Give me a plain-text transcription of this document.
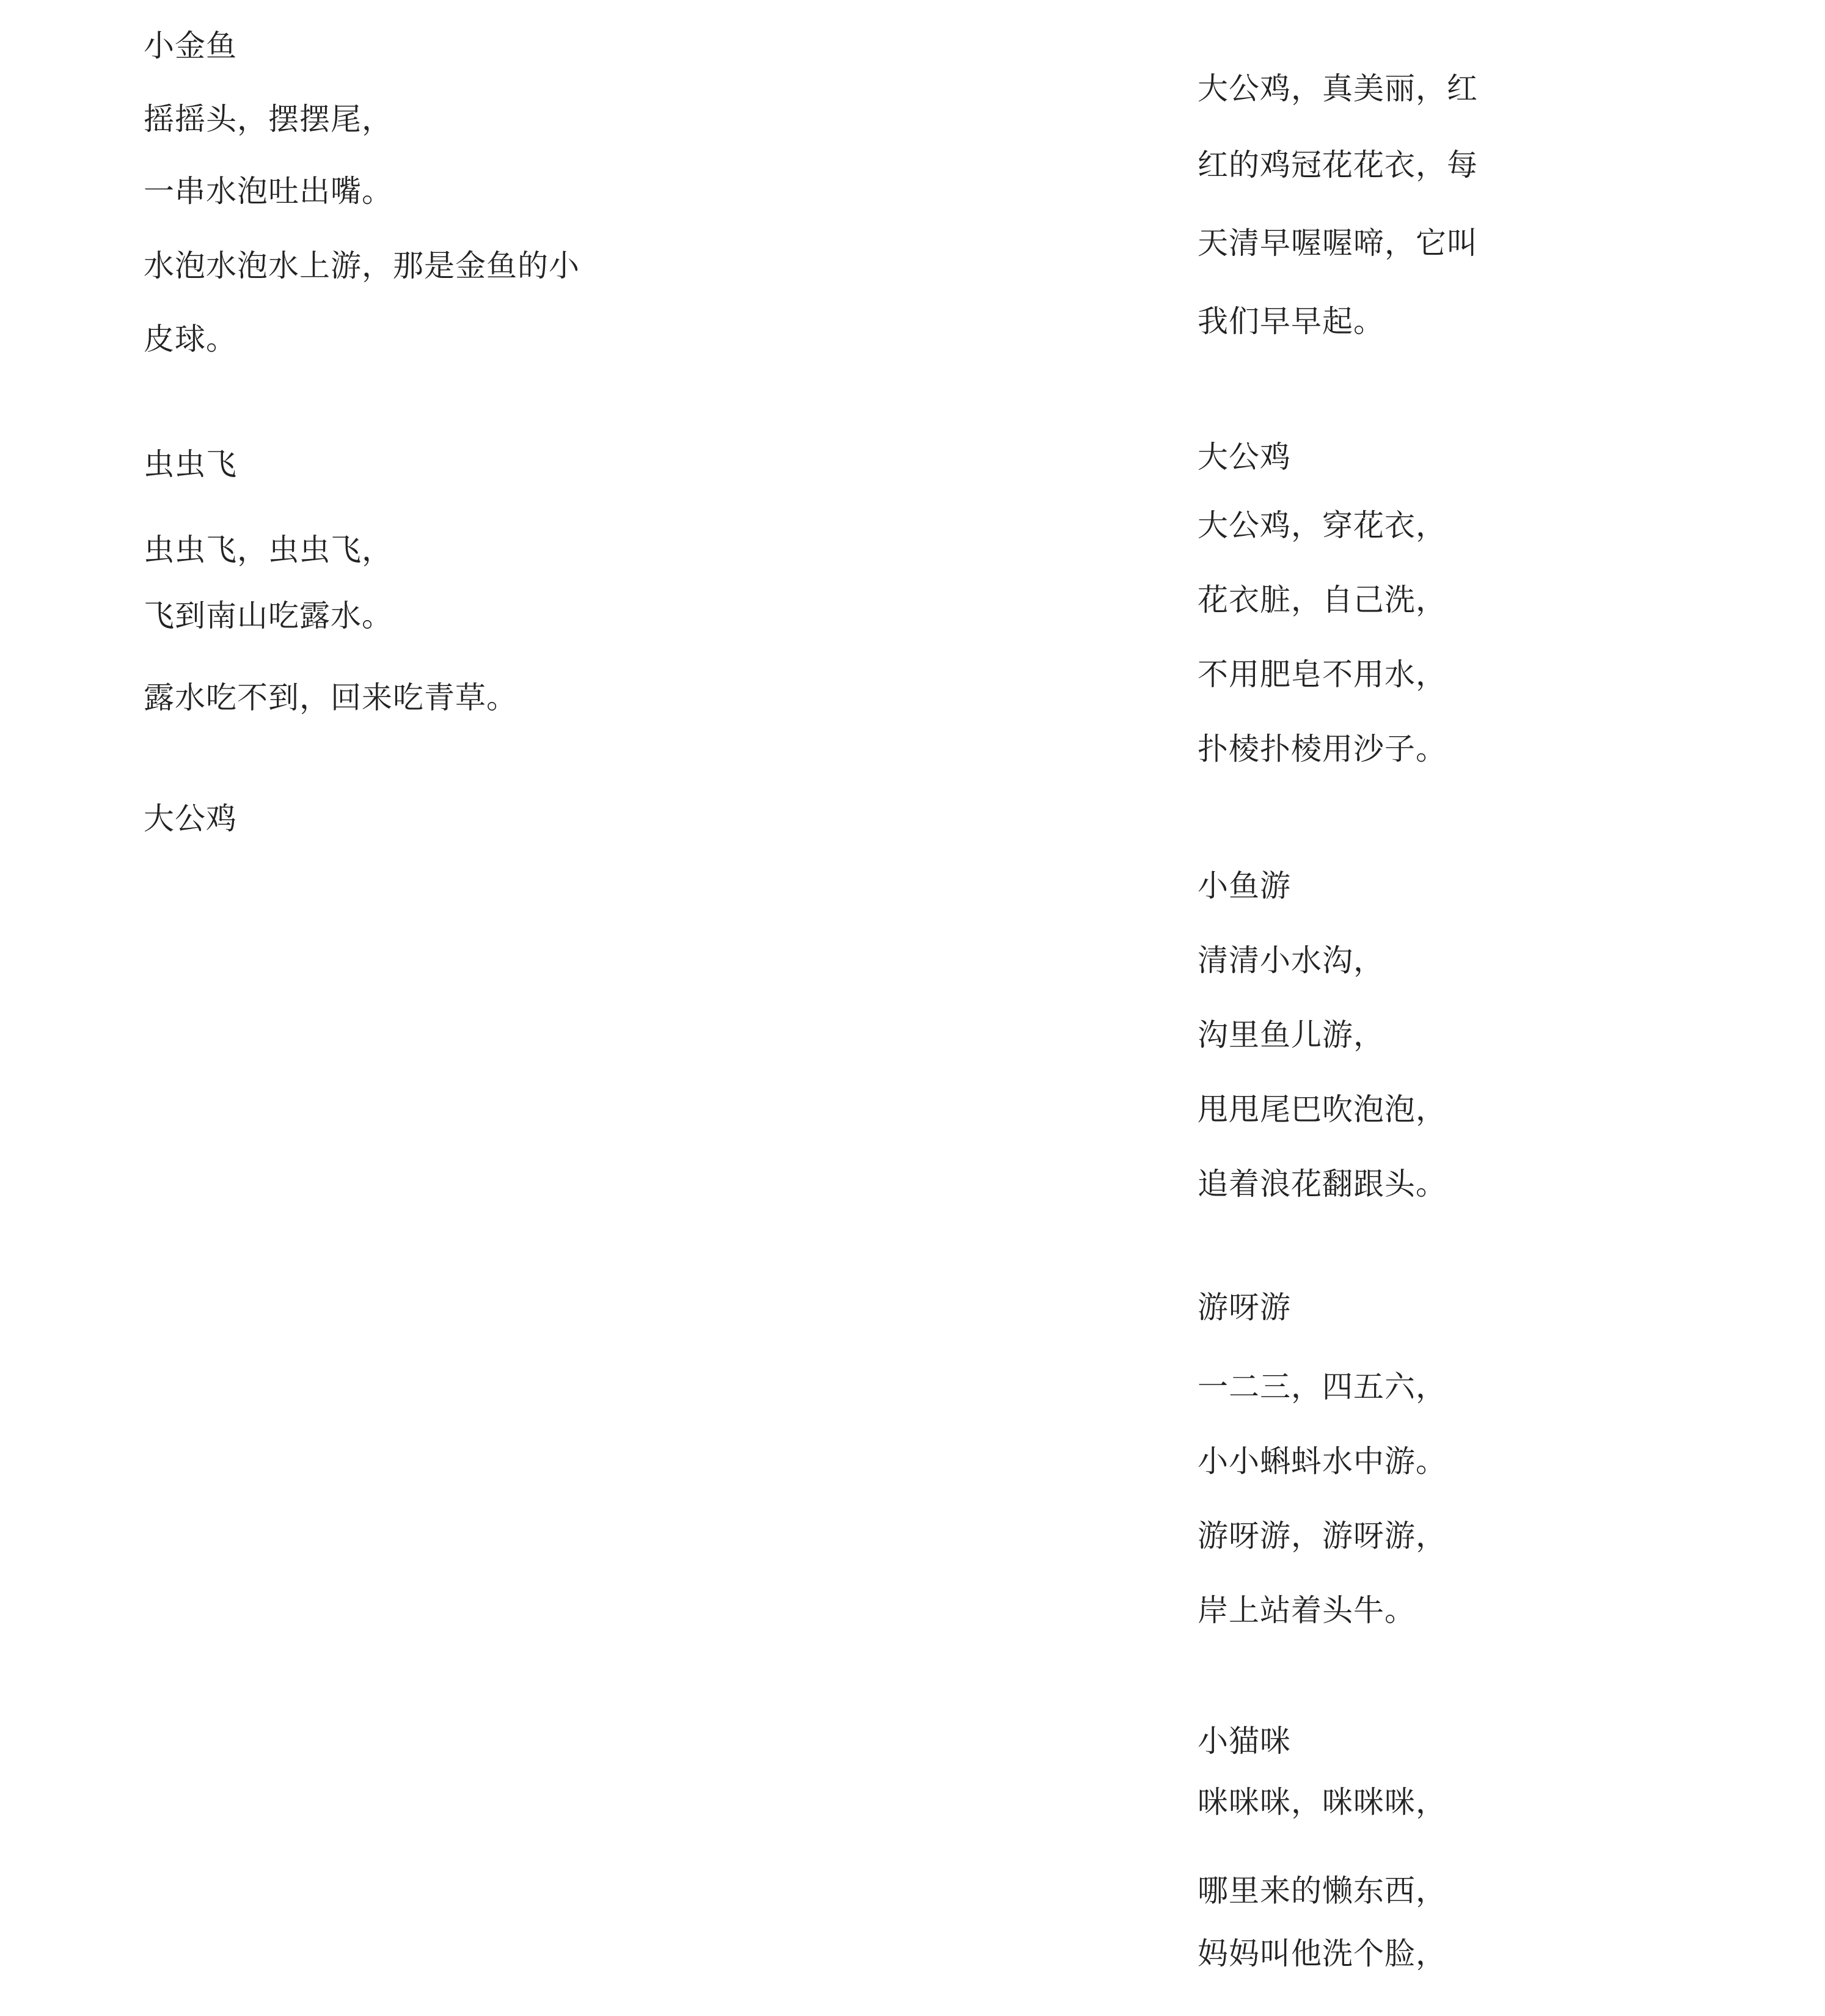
小金鱼
摇摇头，摆摆尾，
一串水泡吐出嘴。
水泡水泡水上游，那是金鱼的小
皮球。
虫虫飞
虫虫飞，虫虫飞，
飞到南山吃露水。
露水吃不到，回来吃青草。
大公鸡
大公鸡，真美丽，红
红的鸡冠花花衣，每
天清早喔喔啼，它叫
我们早早起。
大公鸡
大公鸡，穿花衣，
花衣脏，自己洗，
不用肥皂不用水，
扑棱扑棱用沙子。
小鱼游
清清小水沟，
沟里鱼儿游，
甩甩尾巴吹泡泡，
追着浪花翻跟头。
游呀游
一二三，四五六，
小小蝌蚪水中游。
游呀游，游呀游，
岸上站着头牛。
小猫咪
咪咪咪，咪咪咪，
哪里来的懒东西，
妈妈叫他洗个脸，
